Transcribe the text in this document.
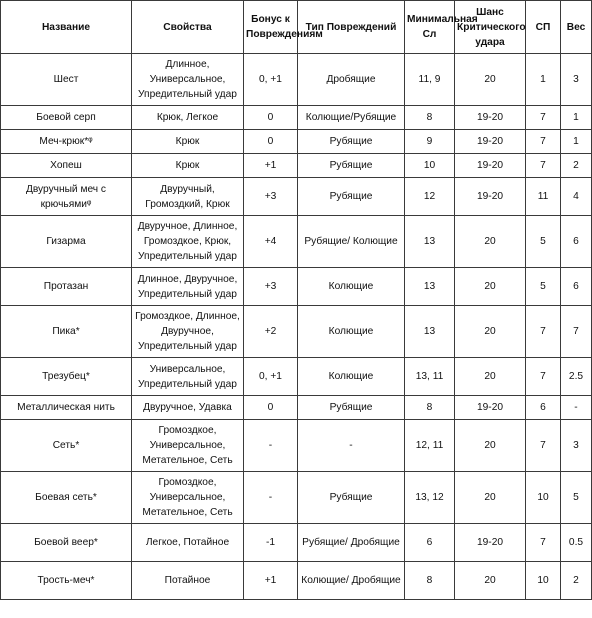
Название	Свойства	Бонус к Повреждениям	Тип Повреждений	Минимальная Сл	Шанс Критического удара	СП	Вес
Шест	Длинное, Универсальное, Упредительный удар	0, +1	Дробящие	11, 9	20	1	3
Боевой серп	Крюк, Легкое	0	Колющие/Рубящие	8	19-20	7	1
Меч-крюк*ᵠ	Крюк	0	Рубящие	9	19-20	7	1
Хопеш	Крюк	+1	Рубящие	10	19-20	7	2
Двуручный меч с крючьямиᵠ	Двуручный, Громоздкий, Крюк	+3	Рубящие	12	19-20	11	4
Гизарма	Двуручное, Длинное, Громоздкое, Крюк, Упредительный удар	+4	Рубящие/ Колющие	13	20	5	6
Протазан	Длинное, Двуручное, Упредительный удар	+3	Колющие	13	20	5	6
Пика*	Громоздкое, Длинное, Двуручное, Упредительный удар	+2	Колющие	13	20	7	7
Трезубец*	Универсальное, Упредительный удар	0, +1	Колющие	13, 11	20	7	2.5
Металлическая нить	Двуручное, Удавка	0	Рубящие	8	19-20	6	-
Сеть*	Громоздкое, Универсальное, Метательное, Сеть	-	-	12, 11	20	7	3
Боевая сеть*	Громоздкое, Универсальное, Метательное, Сеть	-	Рубящие	13, 12	20	10	5
Боевой веер*	Легкое, Потайное	-1	Рубящие/ Дробящие	6	19-20	7	0.5
Трость-меч*	Потайное	+1	Колющие/ Дробящие	8	20	10	2
